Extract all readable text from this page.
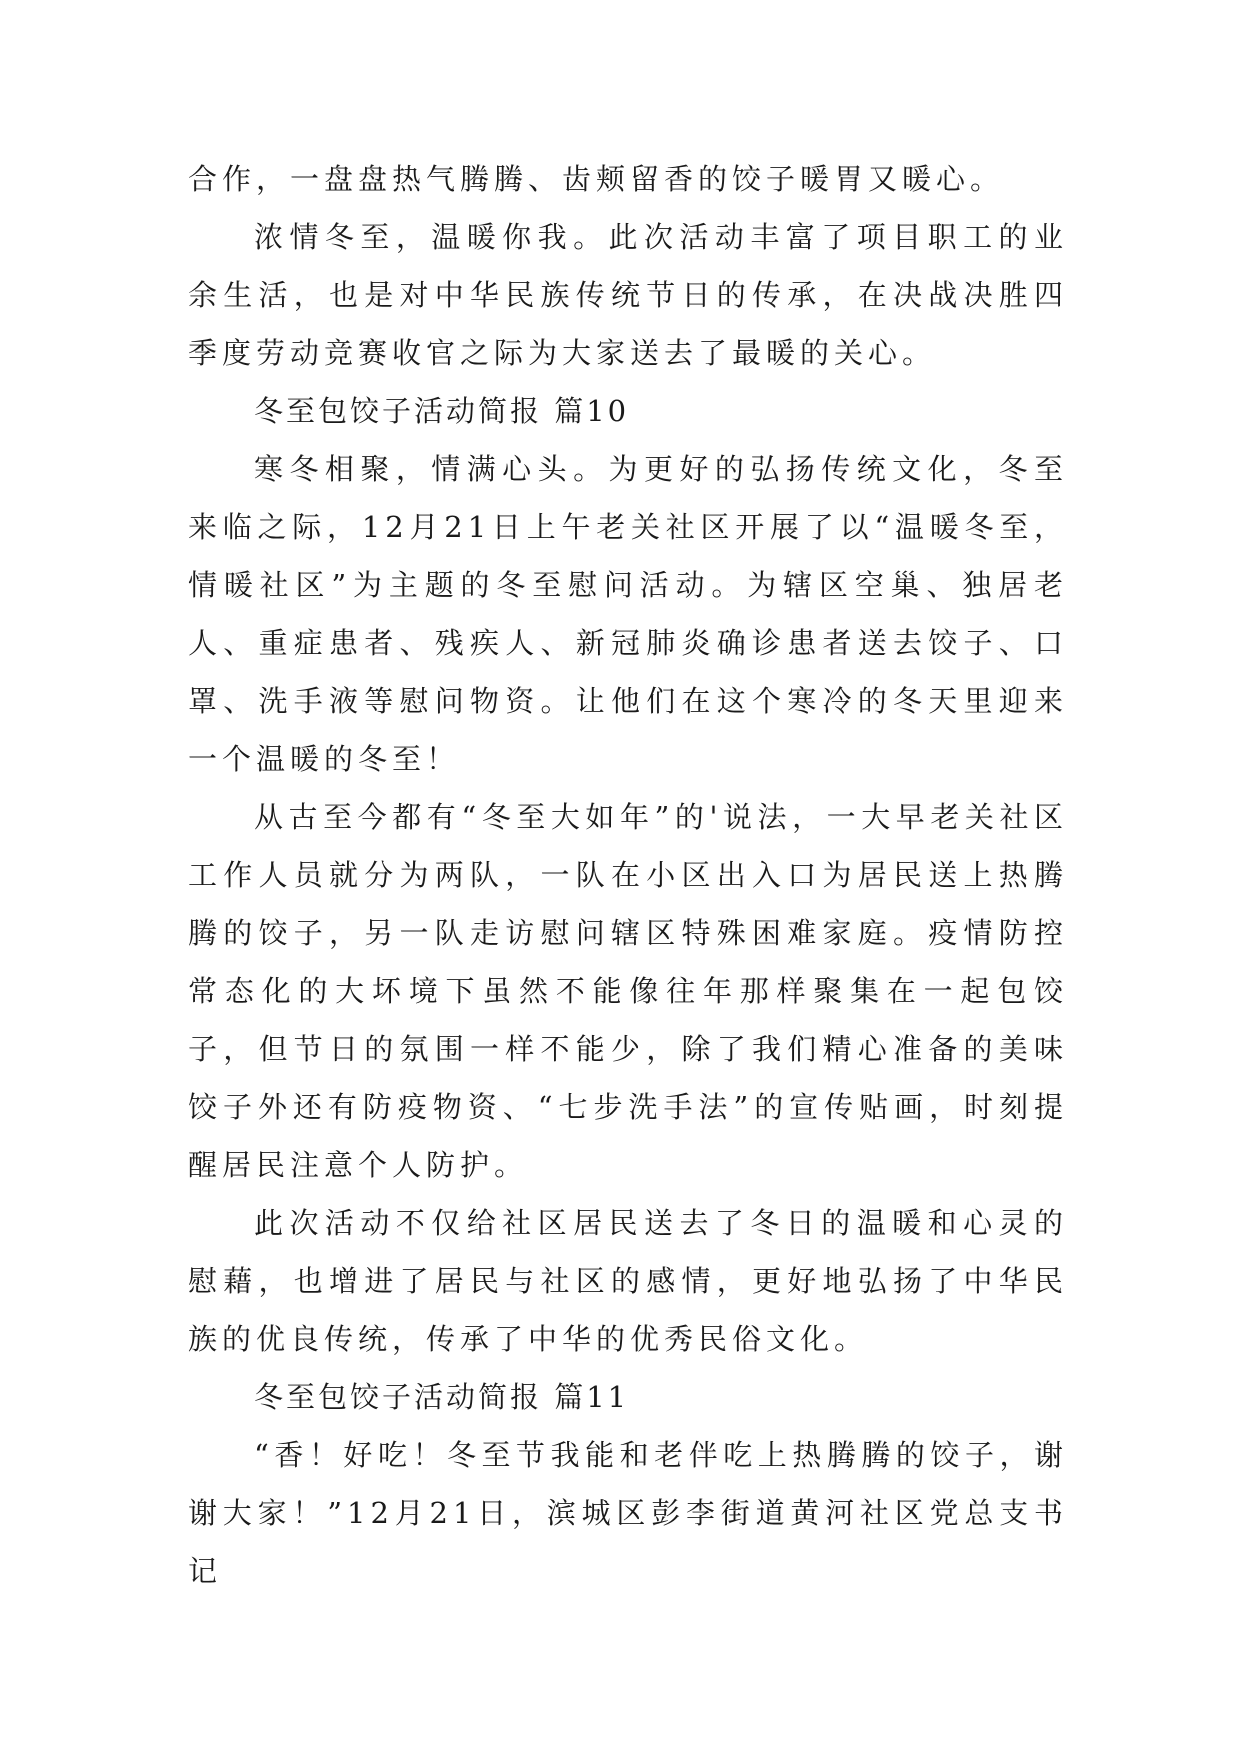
合作，一盘盘热气腾腾、齿颊留香的饺子暖胃又暖心。

浓情冬至，温暖你我。此次活动丰富了项目职工的业余生活，也是对中华民族传统节日的传承，在决战决胜四季度劳动竞赛收官之际为大家送去了最暖的关心。

冬至包饺子活动简报 篇10

寒冬相聚，情满心头。为更好的弘扬传统文化，冬至来临之际，12月21日上午老关社区开展了以“温暖冬至，情暖社区”为主题的冬至慰问活动。为辖区空巢、独居老人、重症患者、残疾人、新冠肺炎确诊患者送去饺子、口罩、洗手液等慰问物资。让他们在这个寒冷的冬天里迎来一个温暖的冬至！

从古至今都有“冬至大如年”的'说法，一大早老关社区工作人员就分为两队，一队在小区出入口为居民送上热腾腾的饺子，另一队走访慰问辖区特殊困难家庭。疫情防控常态化的大坏境下虽然不能像往年那样聚集在一起包饺子，但节日的氛围一样不能少，除了我们精心准备的美味饺子外还有防疫物资、“七步洗手法”的宣传贴画，时刻提醒居民注意个人防护。

此次活动不仅给社区居民送去了冬日的温暖和心灵的慰藉，也增进了居民与社区的感情，更好地弘扬了中华民族的优良传统，传承了中华的优秀民俗文化。

冬至包饺子活动简报 篇11

“香！好吃！冬至节我能和老伴吃上热腾腾的饺子，谢谢大家！”12月21日，滨城区彭李街道黄河社区党总支书记
